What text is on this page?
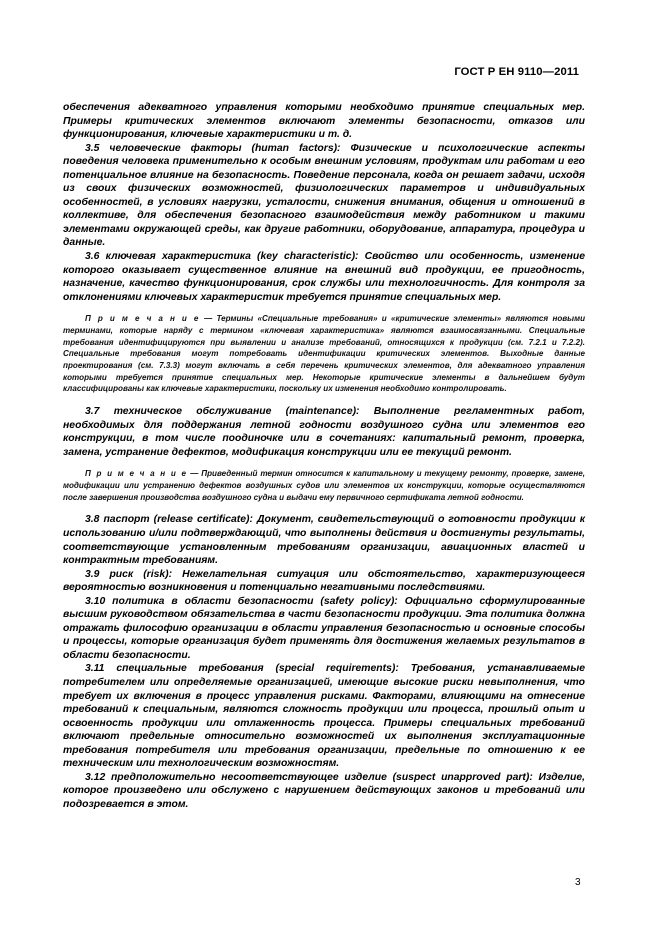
ГОСТ Р ЕН 9110—2011

обеспечения адекватного управления которыми необходимо принятие специальных мер. Примеры критических элементов включают элементы безопасности, отказов или функционирования, ключевые характеристики и т. д.

3.5 человеческие факторы (human factors): Физические и психологические аспекты поведения человека применительно к особым внешним условиям, продуктам или работам и его потенциальное влияние на безопасность. Поведение персонала, когда он решает задачи, исходя из своих физических возможностей, физиологических параметров и индивидуальных особенностей, в условиях нагрузки, усталости, снижения внимания, общения и отношений в коллективе, для обеспечения безопасного взаимодействия между работником и такими элементами окружающей среды, как другие работники, оборудование, аппаратура, процедура и данные.

3.6 ключевая характеристика (key characteristic): Свойство или особенность, изменение которого оказывает существенное влияние на внешний вид продукции, ее пригодность, назначение, качество функционирования, срок службы или технологичность. Для контроля за отклонениями ключевых характеристик требуется принятие специальных мер.

П р и м е ч а н и е — Термины «Специальные требования» и «критические элементы» являются новыми терминами, которые наряду с термином «ключевая характеристика» являются взаимосвязанными. Специальные требования идентифицируются при выявлении и анализе требований, относящихся к продукции (см. 7.2.1 и 7.2.2). Специальные требования могут потребовать идентификации критических элементов. Выходные данные проектирования (см. 7.3.3) могут включать в себя перечень критических элементов, для адекватного управления которыми требуется принятие специальных мер. Некоторые критические элементы в дальнейшем будут классифицированы как ключевые характеристики, поскольку их изменения необходимо контролировать.

3.7 техническое обслуживание (maintenance): Выполнение регламентных работ, необходимых для поддержания летной годности воздушного судна или элементов его конструкции, в том числе поодиночке или в сочетаниях: капитальный ремонт, проверка, замена, устранение дефектов, модификация конструкции или ее текущий ремонт.

П р и м е ч а н и е — Приведенный термин относится к капитальному и текущему ремонту, проверке, замене, модификации или устранению дефектов воздушных судов или элементов их конструкции, которые осуществляются после завершения производства воздушного судна и выдачи ему первичного сертификата летной годности.

3.8 паспорт (release certificate): Документ, свидетельствующий о готовности продукции к использованию и/или подтверждающий, что выполнены действия и достигнуты результаты, соответствующие установленным требованиям организации, авиационных властей и контрактным требованиям.

3.9 риск (risk): Нежелательная ситуация или обстоятельство, характеризующееся вероятностью возникновения и потенциально негативными последствиями.

3.10 политика в области безопасности (safety policy): Официально сформулированные высшим руководством обязательства в части безопасности продукции. Эта политика должна отражать философию организации в области управления безопасностью и основные способы и процессы, которые организация будет применять для достижения желаемых результатов в области безопасности.

3.11 специальные требования (special requirements): Требования, устанавливаемые потребителем или определяемые организацией, имеющие высокие риски невыполнения, что требует их включения в процесс управления рисками. Факторами, влияющими на отнесение требований к специальным, являются сложность продукции или процесса, прошлый опыт и освоенность продукции или отлаженность процесса. Примеры специальных требований включают предельные относительно возможностей их выполнения эксплуатационные требования потребителя или требования организации, предельные по отношению к ее техническим или технологическим возможностям.

3.12 предположительно несоответствующее изделие (suspect unapproved part): Изделие, которое произведено или обслужено с нарушением действующих законов и требований или подозревается в этом.

3
